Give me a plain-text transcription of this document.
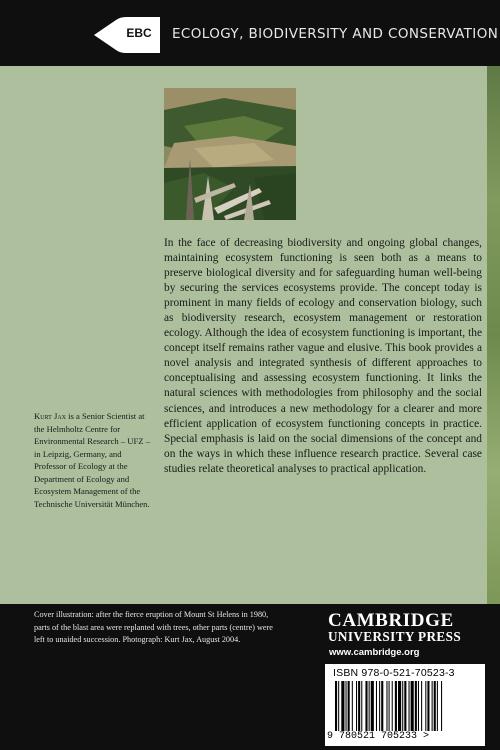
EBC	ECOLOGY, BIODIVERSITY AND CONSERVATION
In the face of decreasing biodiversity and ongoing global changes, maintaining ecosystem functioning is seen both as a means to preserve biological diversity and for safeguarding human well-being by securing the services ecosystems provide. The concept today is prominent in many fields of ecology and conservation biology, such as biodiversity research, ecosystem management or restoration ecology. Although the idea of ecosystem functioning is important, the concept itself remains rather vague and elusive. This book provides a novel analysis and integrated synthesis of different approaches to conceptualising and assessing ecosystem functioning. It links the natural sciences with methodologies from philosophy and the social sciences, and introduces a new methodology for a clearer and more efficient application of ecosystem functioning concepts in practice. Special emphasis is laid on the social dimensions of the concept and on the ways in which these influence research practice. Several case studies relate theoretical analyses to practical application.
Kurt Jax is a Senior Scientist at the Helmholtz Centre for Environmental Research – UFZ – in Leipzig, Germany, and Professor of Ecology at the Department of Ecology and Ecosystem Management of the Technische Universität München.
Cover illustration: after the fierce eruption of Mount St Helens in 1980, parts of the blast area were replanted with trees, other parts (centre) were left to unaided succession. Photograph: Kurt Jax, August 2004.
CAMBRIDGE
UNIVERSITY PRESS
www.cambridge.org
ISBN 978-0-521-70523-3
9 780521 705233 >
